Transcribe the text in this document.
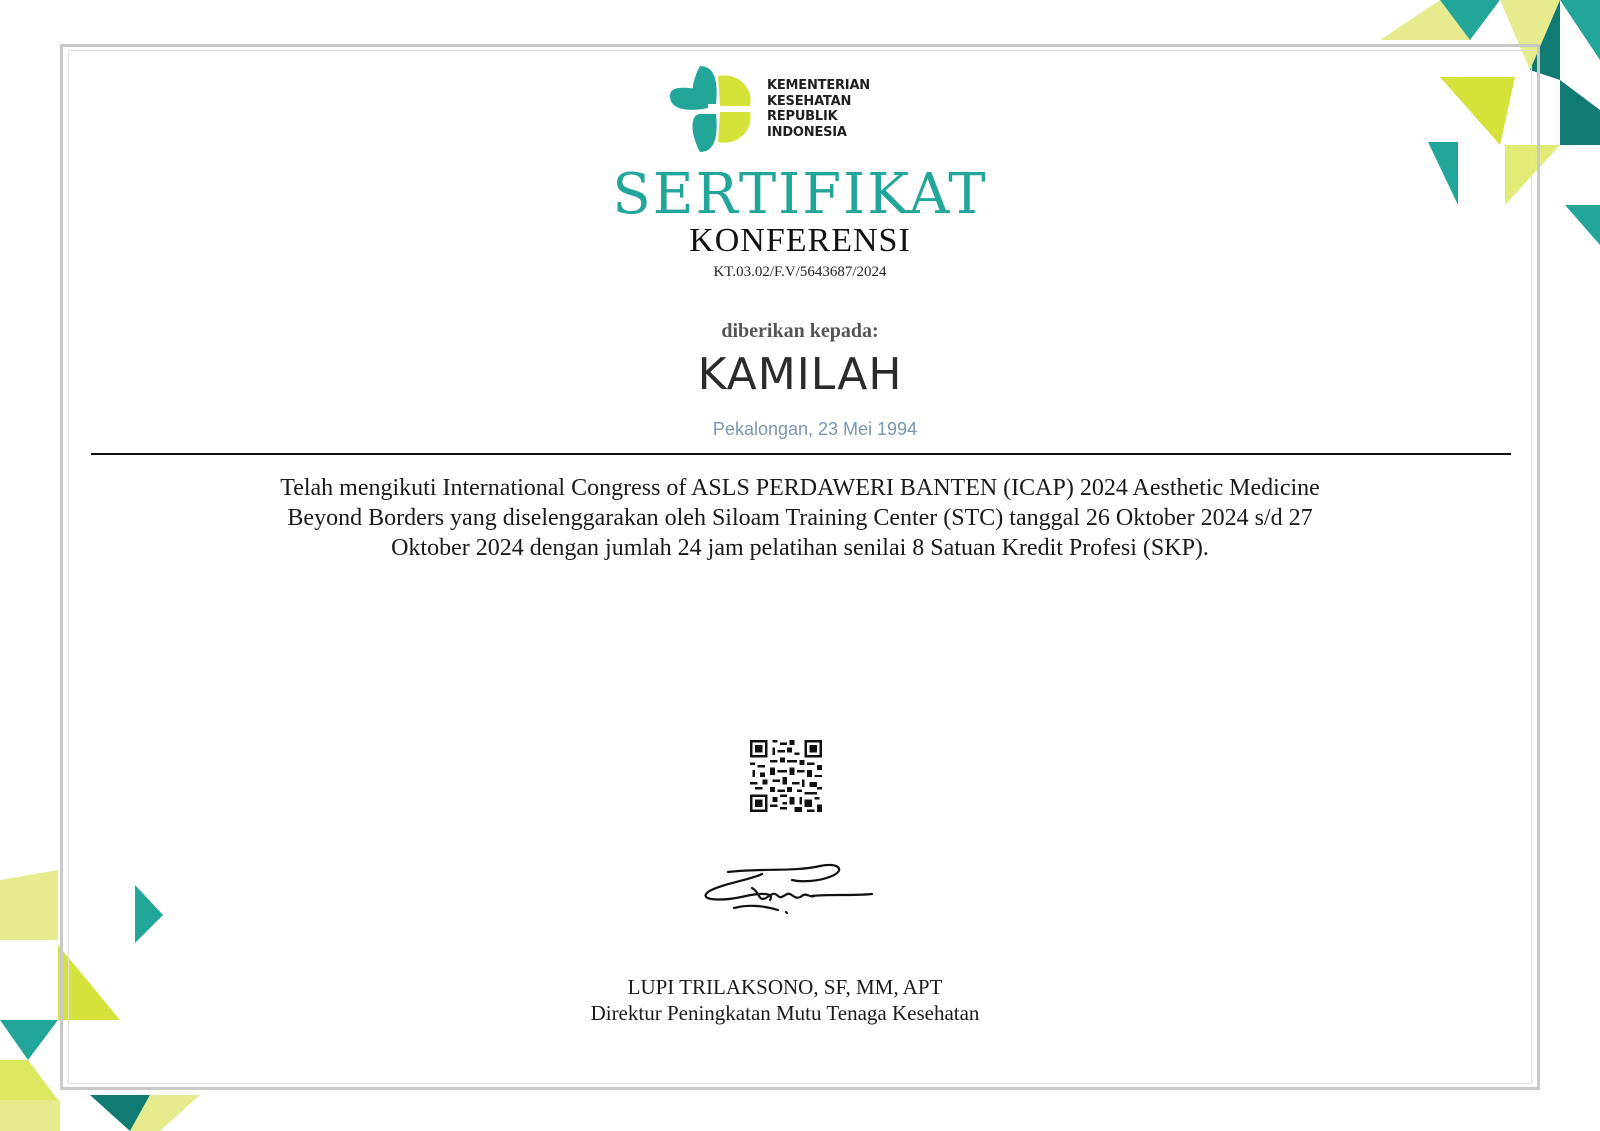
KEMENTERIAN
KESEHATAN
REPUBLIK
INDONESIA
SERTIFIKAT
KONFERENSI
KT.03.02/F.V/5643687/2024
diberikan kepada:
KAMILAH
Pekalongan, 23 Mei 1994
Telah mengikuti International Congress of ASLS PERDAWERI BANTEN (ICAP) 2024 Aesthetic Medicine
Beyond Borders yang diselenggarakan oleh Siloam Training Center (STC) tanggal 26 Oktober 2024 s/d 27
Oktober 2024 dengan jumlah 24 jam pelatihan senilai 8 Satuan Kredit Profesi (SKP).
LUPI TRILAKSONO, SF, MM, APT
Direktur Peningkatan Mutu Tenaga Kesehatan
